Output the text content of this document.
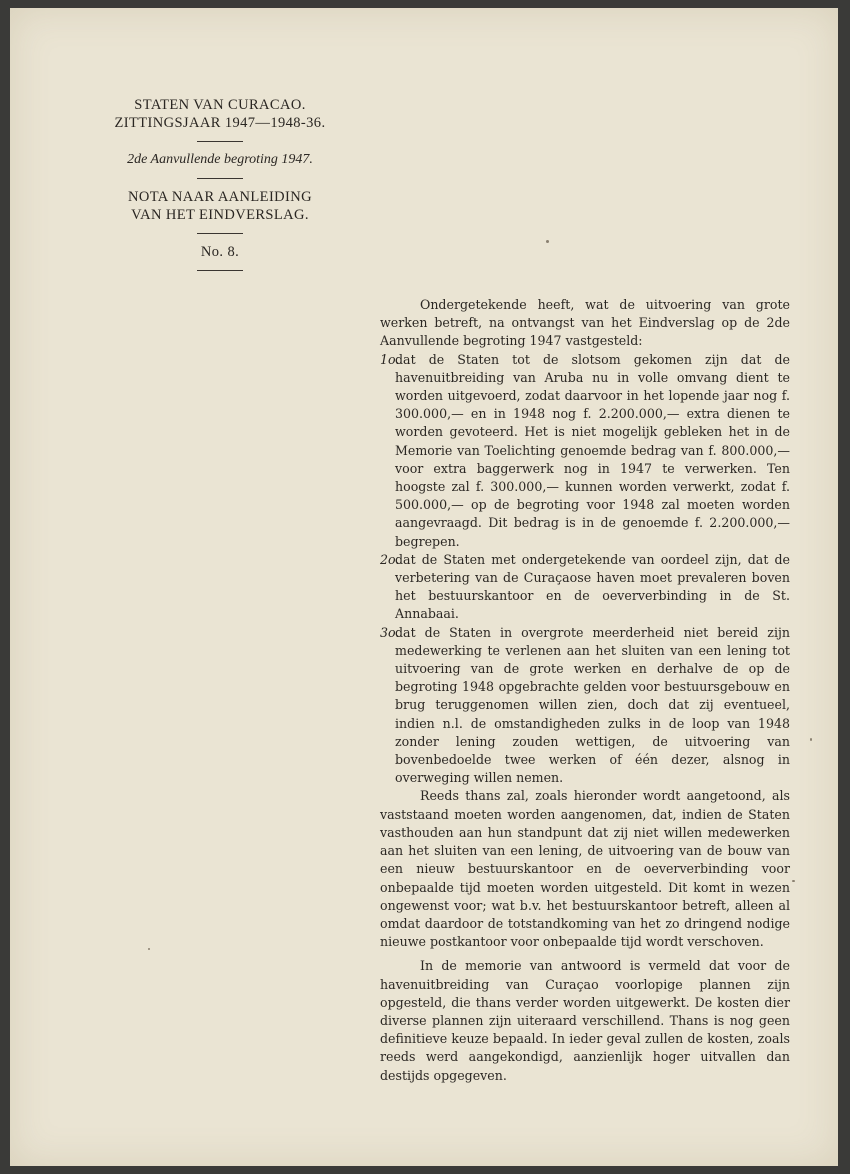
STATEN VAN CURACAO.
ZITTINGSJAAR 1947—1948-36.
2de Aanvullende begroting 1947.
NOTA NAAR AANLEIDING
VAN HET EINDVERSLAG.
No. 8.
Ondergetekende heeft, wat de uitvoering van grote werken betreft, na ontvangst van het Eindverslag op de 2de Aanvullende begroting 1947 vastgesteld:
1o.
dat de Staten tot de slotsom gekomen zijn dat de havenuitbreiding van Aruba nu in volle omvang dient te worden uitgevoerd, zodat daarvoor in het lopende jaar nog f. 300.000,— en in 1948 nog f. 2.200.000,— extra dienen te worden gevoteerd. Het is niet mogelijk gebleken het in de Memorie van Toelichting genoemde bedrag van f. 800.000,— voor extra baggerwerk nog in 1947 te verwerken. Ten hoogste zal f. 300.000,— kunnen worden verwerkt, zodat f. 500.000,— op de begroting voor 1948 zal moeten worden aangevraagd. Dit bedrag is in de genoemde f. 2.200.000,— begrepen.
2o.
dat de Staten met ondergetekende van oordeel zijn, dat de verbetering van de Curaçaose haven moet prevaleren boven het bestuurskantoor en de oeververbinding in de St. Annabaai.
3o.
dat de Staten in overgrote meerderheid niet bereid zijn medewerking te verlenen aan het sluiten van een lening tot uitvoering van de grote werken en derhalve de op de begroting 1948 opgebrachte gelden voor bestuursgebouw en brug teruggenomen willen zien, doch dat zij eventueel, indien n.l. de omstandigheden zulks in de loop van 1948 zonder lening zouden wettigen, de uitvoering van bovenbedoelde twee werken of één dezer, alsnog in overweging willen nemen.
Reeds thans zal, zoals hieronder wordt aangetoond, als vaststaand moeten worden aangenomen, dat, indien de Staten vasthouden aan hun standpunt dat zij niet willen medewerken aan het sluiten van een lening, de uitvoering van de bouw van een nieuw bestuurskantoor en de oeververbinding voor onbepaalde tijd moeten worden uitgesteld. Dit komt in wezen ongewenst voor; wat b.v. het bestuurskantoor betreft, alleen al omdat daardoor de totstandkoming van het zo dringend nodige nieuwe postkantoor voor onbepaalde tijd wordt verschoven.
In de memorie van antwoord is vermeld dat voor de havenuitbreiding van Curaçao voorlopige plannen zijn opgesteld, die thans verder worden uitgewerkt. De kosten dier diverse plannen zijn uiteraard verschillend. Thans is nog geen definitieve keuze bepaald. In ieder geval zullen de kosten, zoals reeds werd aangekondigd, aanzienlijk hoger uitvallen dan destijds opgegeven.
